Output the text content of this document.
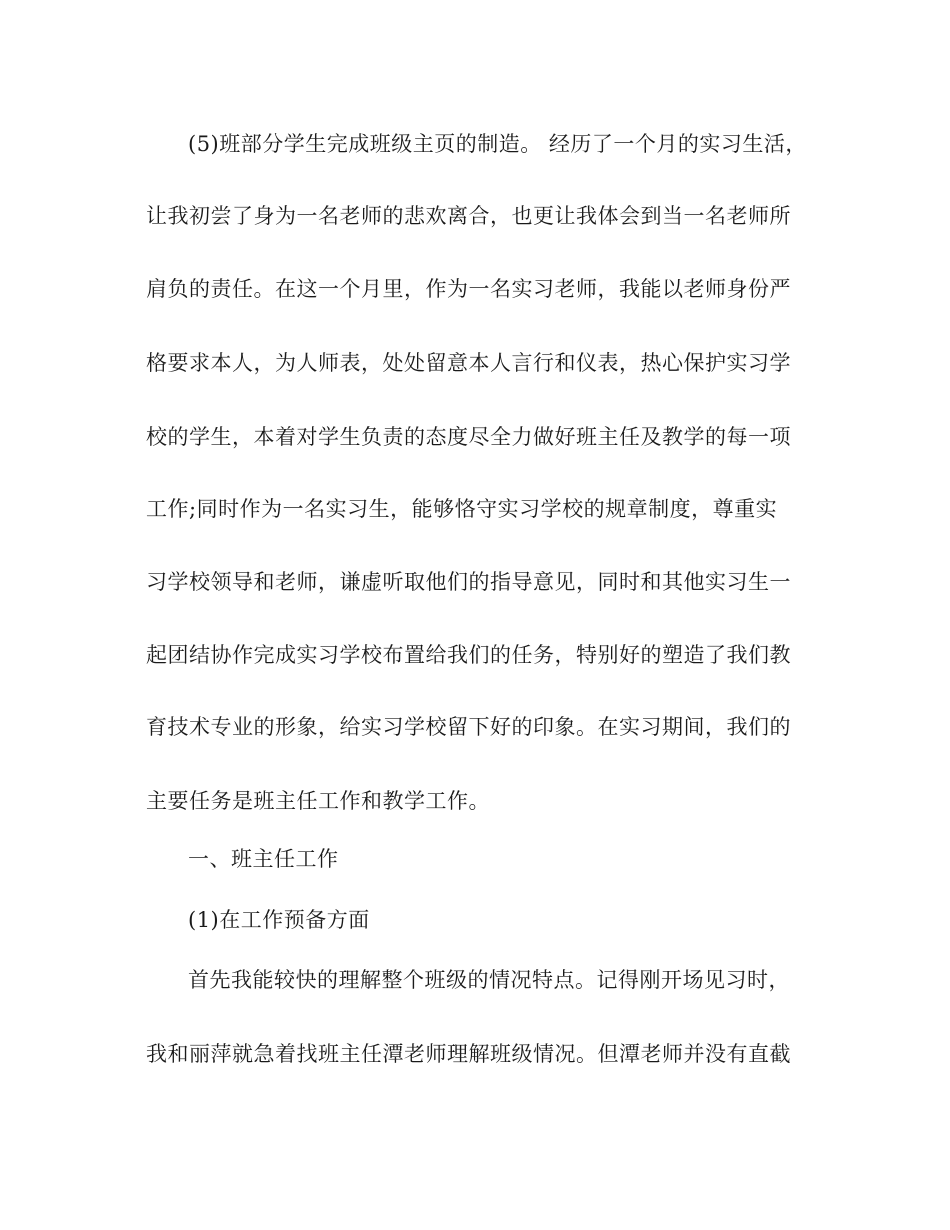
(5)班部分学生完成班级主页的制造。 经历了一个月的实习生活，
让我初尝了身为一名老师的悲欢离合，也更让我体会到当一名老师所
肩负的责任。在这一个月里，作为一名实习老师，我能以老师身份严
格要求本人，为人师表，处处留意本人言行和仪表，热心保护实习学
校的学生，本着对学生负责的态度尽全力做好班主任及教学的每一项
工作;同时作为一名实习生，能够恪守实习学校的规章制度，尊重实
习学校领导和老师，谦虚听取他们的指导意见，同时和其他实习生一
起团结协作完成实习学校布置给我们的任务，特别好的塑造了我们教
育技术专业的形象，给实习学校留下好的印象。在实习期间，我们的
主要任务是班主任工作和教学工作。
一、班主任工作
(1)在工作预备方面
首先我能较快的理解整个班级的情况特点。记得刚开场见习时，
我和丽萍就急着找班主任潭老师理解班级情况。但潭老师并没有直截
